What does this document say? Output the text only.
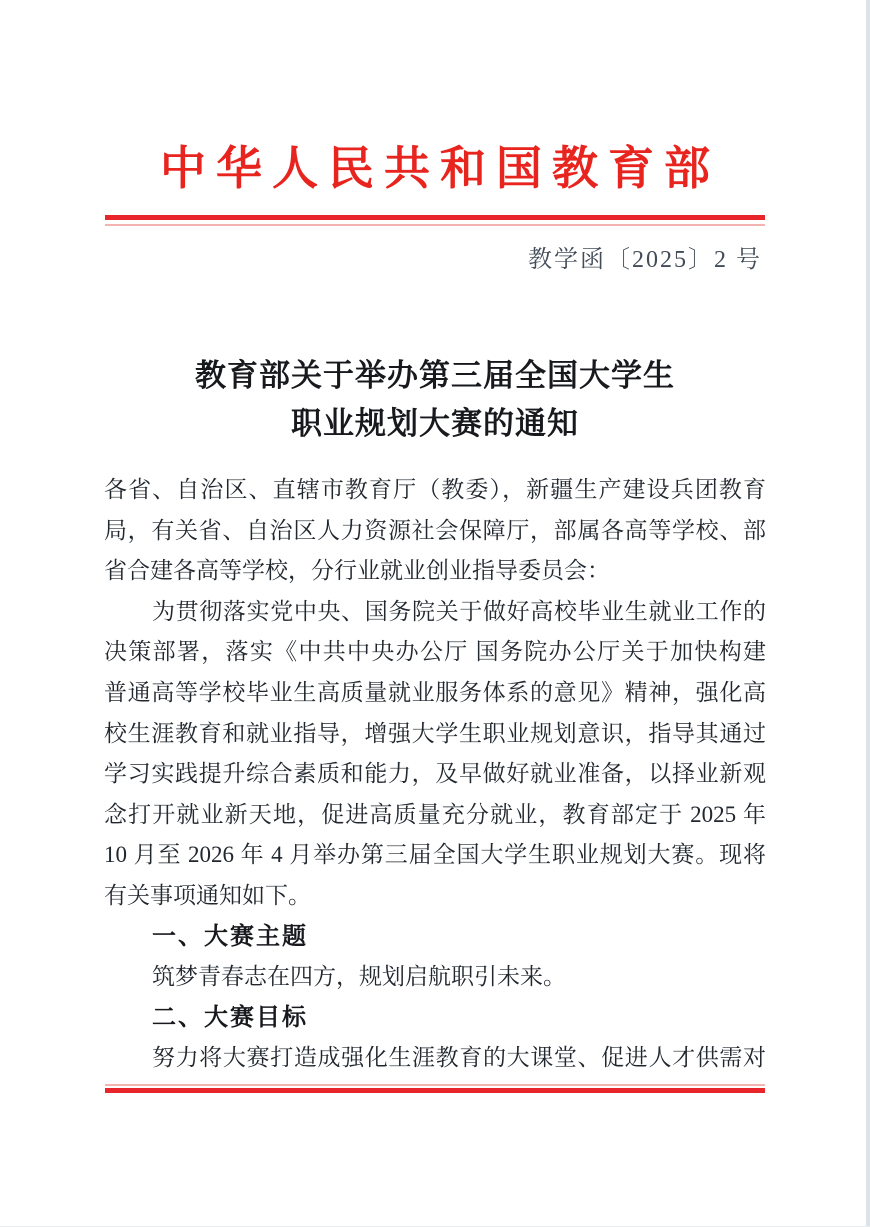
中华人民共和国教育部
教学函〔2025〕2 号
教育部关于举办第三届全国大学生
职业规划大赛的通知
各省、自治区、直辖市教育厅（教委），新疆生产建设兵团教育
局，有关省、自治区人力资源社会保障厅，部属各高等学校、部
省合建各高等学校，分行业就业创业指导委员会：
为贯彻落实党中央、国务院关于做好高校毕业生就业工作的
决策部署，落实《中共中央办公厅 国务院办公厅关于加快构建
普通高等学校毕业生高质量就业服务体系的意见》精神，强化高
校生涯教育和就业指导，增强大学生职业规划意识，指导其通过
学习实践提升综合素质和能力，及早做好就业准备，以择业新观
念打开就业新天地，促进高质量充分就业，教育部定于 2025 年
10 月至 2026 年 4 月举办第三届全国大学生职业规划大赛。现将
有关事项通知如下。
一、大赛主题
筑梦青春志在四方，规划启航职引未来。
二、大赛目标
努力将大赛打造成强化生涯教育的大课堂、促进人才供需对
